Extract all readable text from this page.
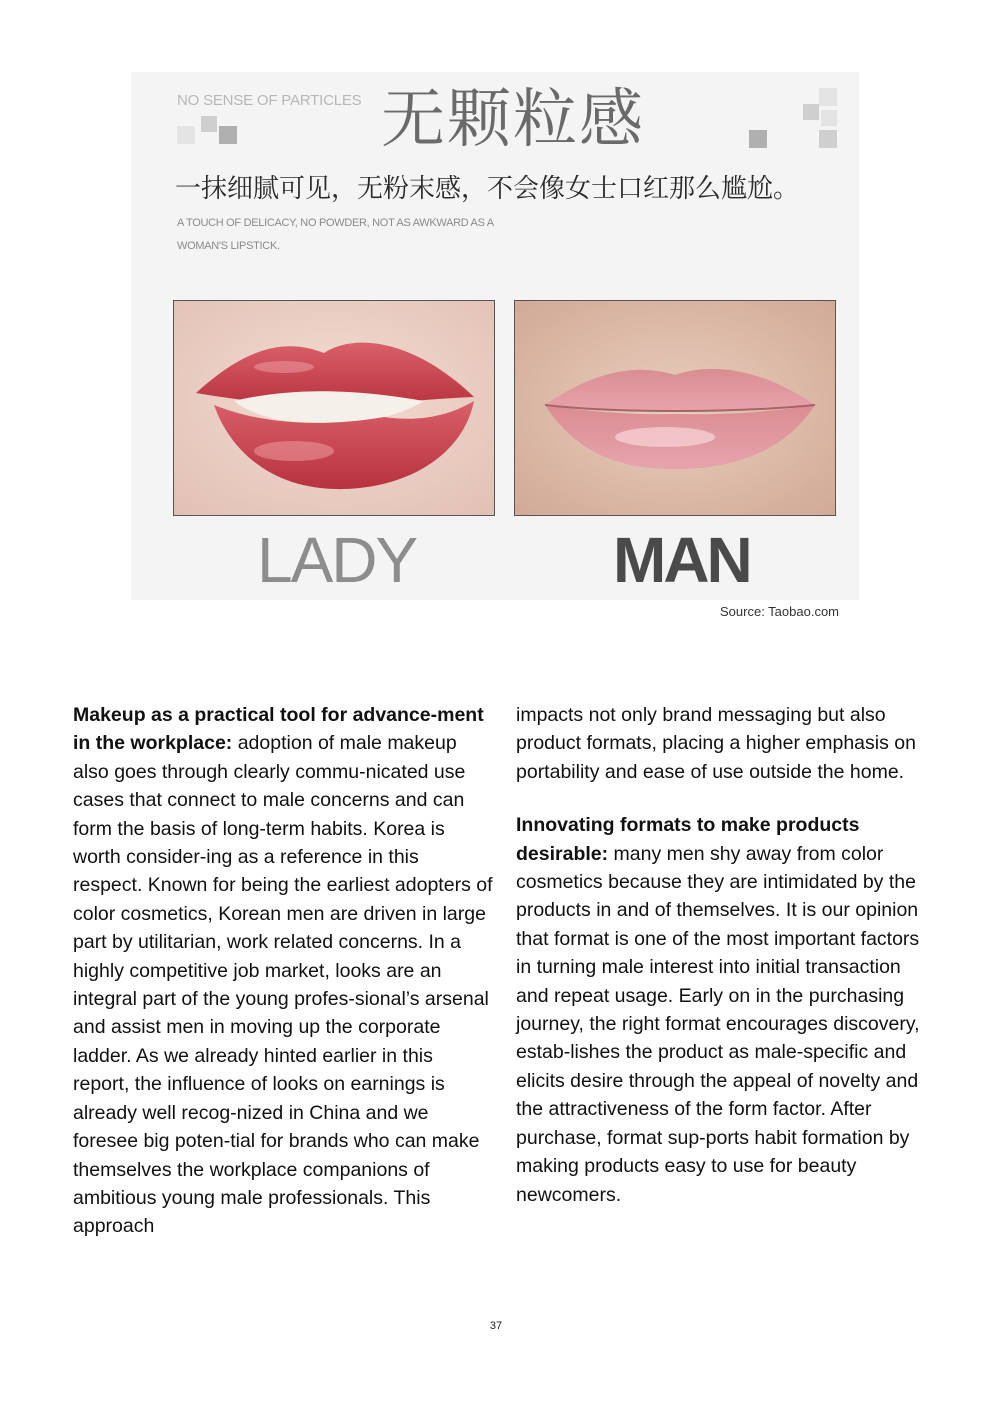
NO SENSE OF PARTICLES 无颗粒感
一抹细腻可见，无粉末感，不会像女士口红那么尴尬。
A TOUCH OF DELICACY, NO POWDER, NOT AS AWKWARD AS A WOMAN'S LIPSTICK.
LADY	MAN
Source: Taobao.com

Makeup as a practical tool for advance-ment in the workplace: adoption of male makeup also goes through clearly commu-nicated use cases that connect to male concerns and can form the basis of long-term habits. Korea is worth consider-ing as a reference in this respect. Known for being the earliest adopters of color cosmetics, Korean men are driven in large part by utilitarian, work related concerns. In a highly competitive job market, looks are an integral part of the young profes-sional’s arsenal and assist men in moving up the corporate ladder. As we already hinted earlier in this report, the influence of looks on earnings is already well recog-nized in China and we foresee big poten-tial for brands who can make themselves the workplace companions of ambitious young male professionals. This approach

impacts not only brand messaging but also product formats, placing a higher emphasis on portability and ease of use outside the home.

Innovating formats to make products desirable: many men shy away from color cosmetics because they are intimidated by the products in and of themselves. It is our opinion that format is one of the most important factors in turning male interest into initial transaction and repeat usage. Early on in the purchasing journey, the right format encourages discovery, estab-lishes the product as male-specific and elicits desire through the appeal of novelty and the attractiveness of the form factor. After purchase, format sup-ports habit formation by making products easy to use for beauty newcomers.

37
